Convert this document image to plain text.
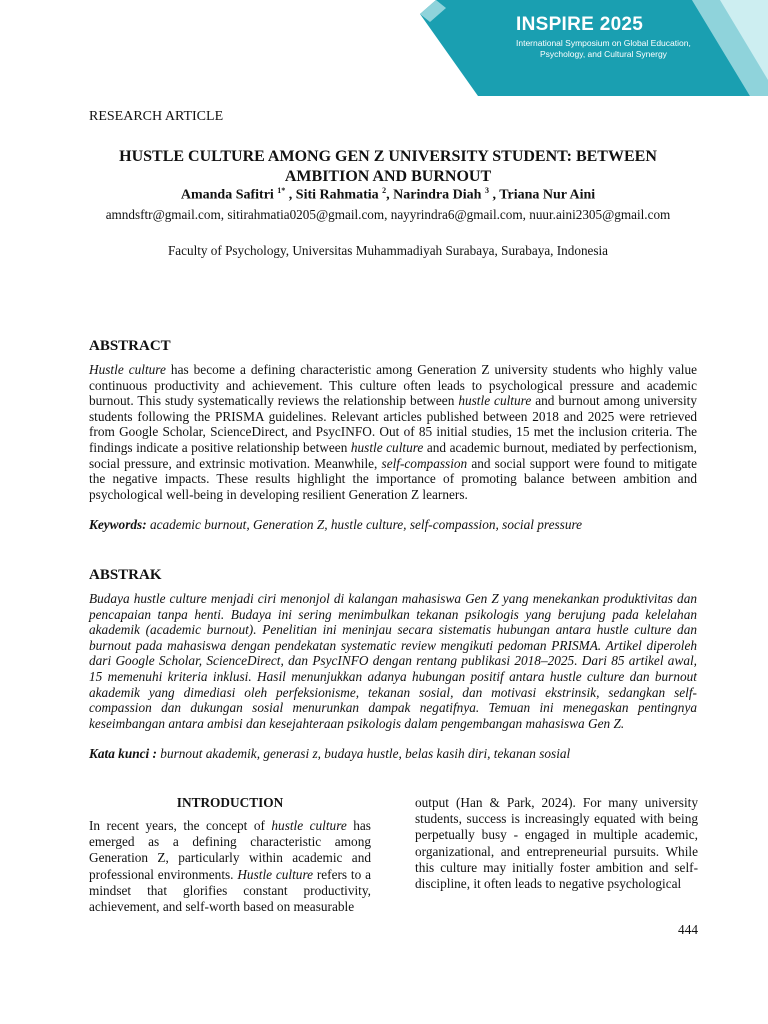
INSPIRE 2025
International Symposium on Global Education,
Psychology, and Cultural Synergy
RESEARCH ARTICLE
HUSTLE CULTURE AMONG GEN Z UNIVERSITY STUDENT: BETWEEN
AMBITION AND BURNOUT
Amanda Safitri $^{1*}$ , Siti Rahmatia $^2$, Narindra Diah $^3$ , Triana Nur Aini
amndsftr@gmail.com, sitirahmatia0205@gmail.com, nayyrindra6@gmail.com, nuur.aini2305@gmail.com
Faculty of Psychology, Universitas Muhammadiyah Surabaya, Surabaya, Indonesia
ABSTRACT
Hustle culture has become a defining characteristic among Generation Z university students who highly value continuous productivity and achievement. This culture often leads to psychological pressure and academic burnout. This study systematically reviews the relationship between hustle culture and burnout among university students following the PRISMA guidelines. Relevant articles published between 2018 and 2025 were retrieved from Google Scholar, ScienceDirect, and PsycINFO. Out of 85 initial studies, 15 met the inclusion criteria. The findings indicate a positive relationship between hustle culture and academic burnout, mediated by perfectionism, social pressure, and extrinsic motivation. Meanwhile, self-compassion and social support were found to mitigate the negative impacts. These results highlight the importance of promoting balance between ambition and psychological well-being in developing resilient Generation Z learners.
Keywords: academic burnout, Generation Z, hustle culture, self-compassion, social pressure
ABSTRAK
Budaya hustle culture menjadi ciri menonjol di kalangan mahasiswa Gen Z yang menekankan produktivitas dan pencapaian tanpa henti. Budaya ini sering menimbulkan tekanan psikologis yang berujung pada kelelahan akademik (academic burnout). Penelitian ini meninjau secara sistematis hubungan antara hustle culture dan burnout pada mahasiswa dengan pendekatan systematic review mengikuti pedoman PRISMA. Artikel diperoleh dari Google Scholar, ScienceDirect, dan PsycINFO dengan rentang publikasi 2018–2025. Dari 85 artikel awal, 15 memenuhi kriteria inklusi. Hasil menunjukkan adanya hubungan positif antara hustle culture dan burnout akademik yang dimediasi oleh perfeksionisme, tekanan sosial, dan motivasi ekstrinsik, sedangkan self-compassion dan dukungan sosial menurunkan dampak negatifnya. Temuan ini menegaskan pentingnya keseimbangan antara ambisi dan kesejahteraan psikologis dalam pengembangan mahasiswa Gen Z.
Kata kunci : burnout akademik, generasi z, budaya hustle, belas kasih diri, tekanan sosial
INTRODUCTION
In recent years, the concept of hustle culture has emerged as a defining characteristic among Generation Z, particularly within academic and professional environments. Hustle culture refers to a mindset that glorifies constant productivity, achievement, and self-worth based on measurable
output (Han & Park, 2024). For many university students, success is increasingly equated with being perpetually busy - engaged in multiple academic, organizational, and entrepreneurial pursuits. While this culture may initially foster ambition and self-discipline, it often leads to negative psychological
444
